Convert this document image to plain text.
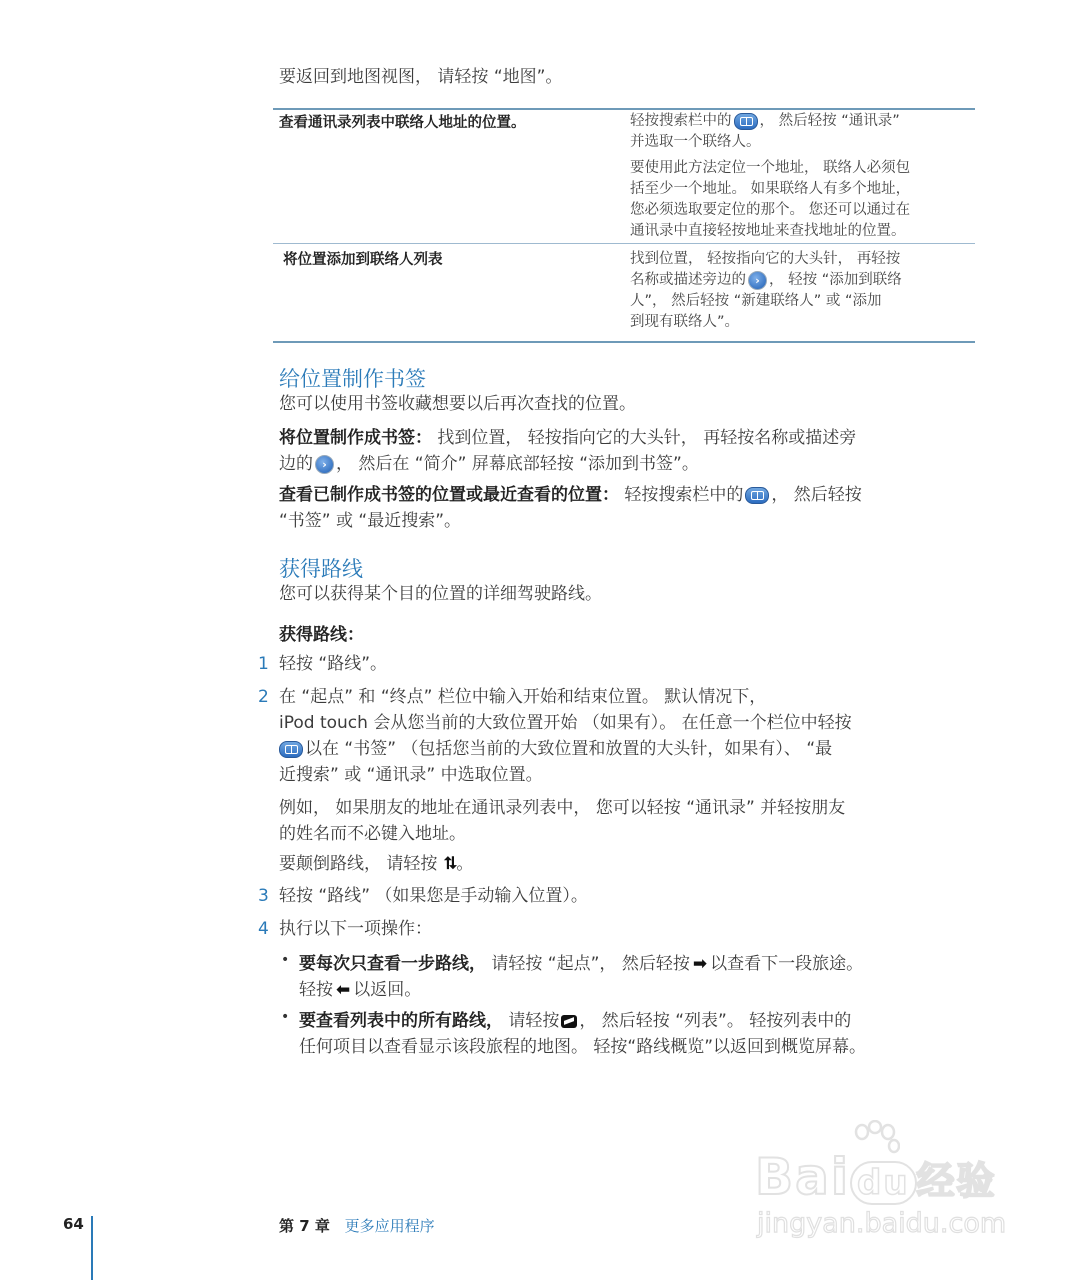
要返回到地图视图， 请轻按 “地图”。
查看通讯录列表中联络人地址的位置。	轻按搜索栏中的 ， 然后轻按 “通讯录”
并选取一个联络人。
要使用此方法定位一个地址， 联络人必须包
括至少一个地址。 如果联络人有多个地址，
您必须选取要定位的那个。 您还可以通过在
通讯录中直接轻按地址来查找地址的位置。
将位置添加到联络人列表	找到位置， 轻按指向它的大头针， 再轻按
名称或描述旁边的 › ， 轻按 “添加到联络
人”， 然后轻按 “新建联络人” 或 “添加
到现有联络人”。
给位置制作书签
您可以使用书签收藏想要以后再次查找的位置。
将位置制作成书签： 找到位置， 轻按指向它的大头针， 再轻按名称或描述旁
边的 › ， 然后在 “简介” 屏幕底部轻按 “添加到书签”。
查看已制作成书签的位置或最近查看的位置： 轻按搜索栏中的 ， 然后轻按
“书签” 或 “最近搜索”。
获得路线
您可以获得某个目的位置的详细驾驶路线。
获得路线：
1 轻按 “路线”。
2 在 “起点” 和 “终点” 栏位中输入开始和结束位置。 默认情况下，
iPod touch 会从您当前的大致位置开始 （如果有）。 在任意一个栏位中轻按
以在 “书签” （包括您当前的大致位置和放置的大头针，如果有）、 “最
近搜索” 或 “通讯录” 中选取位置。
例如， 如果朋友的地址在通讯录列表中， 您可以轻按 “通讯录” 并轻按朋友
的姓名而不必键入地址。
要颠倒路线， 请轻按 ⮁。
3 轻按 “路线” （如果您是手动输入位置）。
4 执行以下一项操作：
• 要每次只查看一步路线， 请轻按 “起点”， 然后轻按 ➡ 以查看下一段旅途。
轻按 ⬅ 以返回。
• 要查看列表中的所有路线， 请轻按 ， 然后轻按 “列表”。 轻按列表中的
任何项目以查看显示该段旅程的地图。 轻按“路线概览”以返回到概览屏幕。
Bai du 经验
jingyan.baidu.com
64	第 7 章 更多应用程序
